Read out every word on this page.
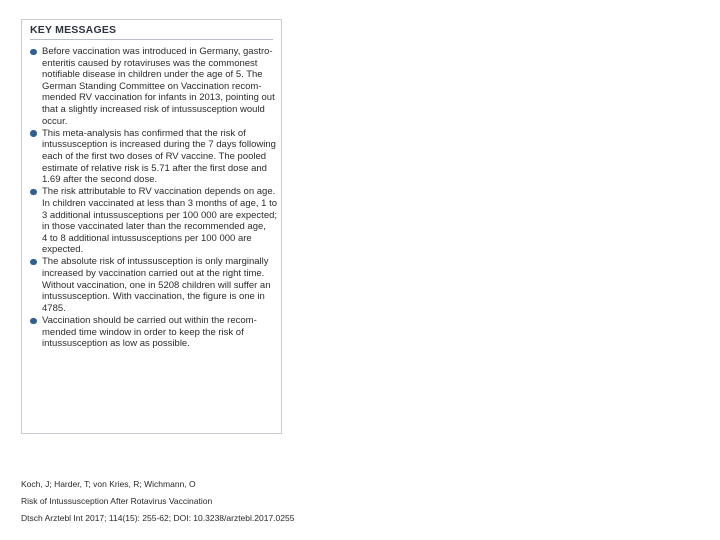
KEY MESSAGES
Before vaccination was introduced in Germany, gastro-
enteritis caused by rotaviruses was the commonest
notifiable disease in children under the age of 5. The
German Standing Committee on Vaccination recom-
mended RV vaccination for infants in 2013, pointing out
that a slightly increased risk of intussusception would
occur.
This meta-analysis has confirmed that the risk of
intussusception is increased during the 7 days following
each of the first two doses of RV vaccine. The pooled
estimate of relative risk is 5.71 after the first dose and
1.69 after the second dose.
The risk attributable to RV vaccination depends on age.
In children vaccinated at less than 3 months of age, 1 to
3 additional intussusceptions per 100 000 are expected;
in those vaccinated later than the recommended age,
4 to 8 additional intussusceptions per 100 000 are
expected.
The absolute risk of intussusception is only marginally
increased by vaccination carried out at the right time.
Without vaccination, one in 5208 children will suffer an
intussusception. With vaccination, the figure is one in
4785.
Vaccination should be carried out within the recom-
mended time window in order to keep the risk of
intussusception as low as possible.
Koch, J; Harder, T; von Kries, R; Wichmann, O
Risk of Intussusception After Rotavirus Vaccination
Dtsch Arztebl Int 2017; 114(15): 255-62; DOI: 10.3238/arztebl.2017.0255
